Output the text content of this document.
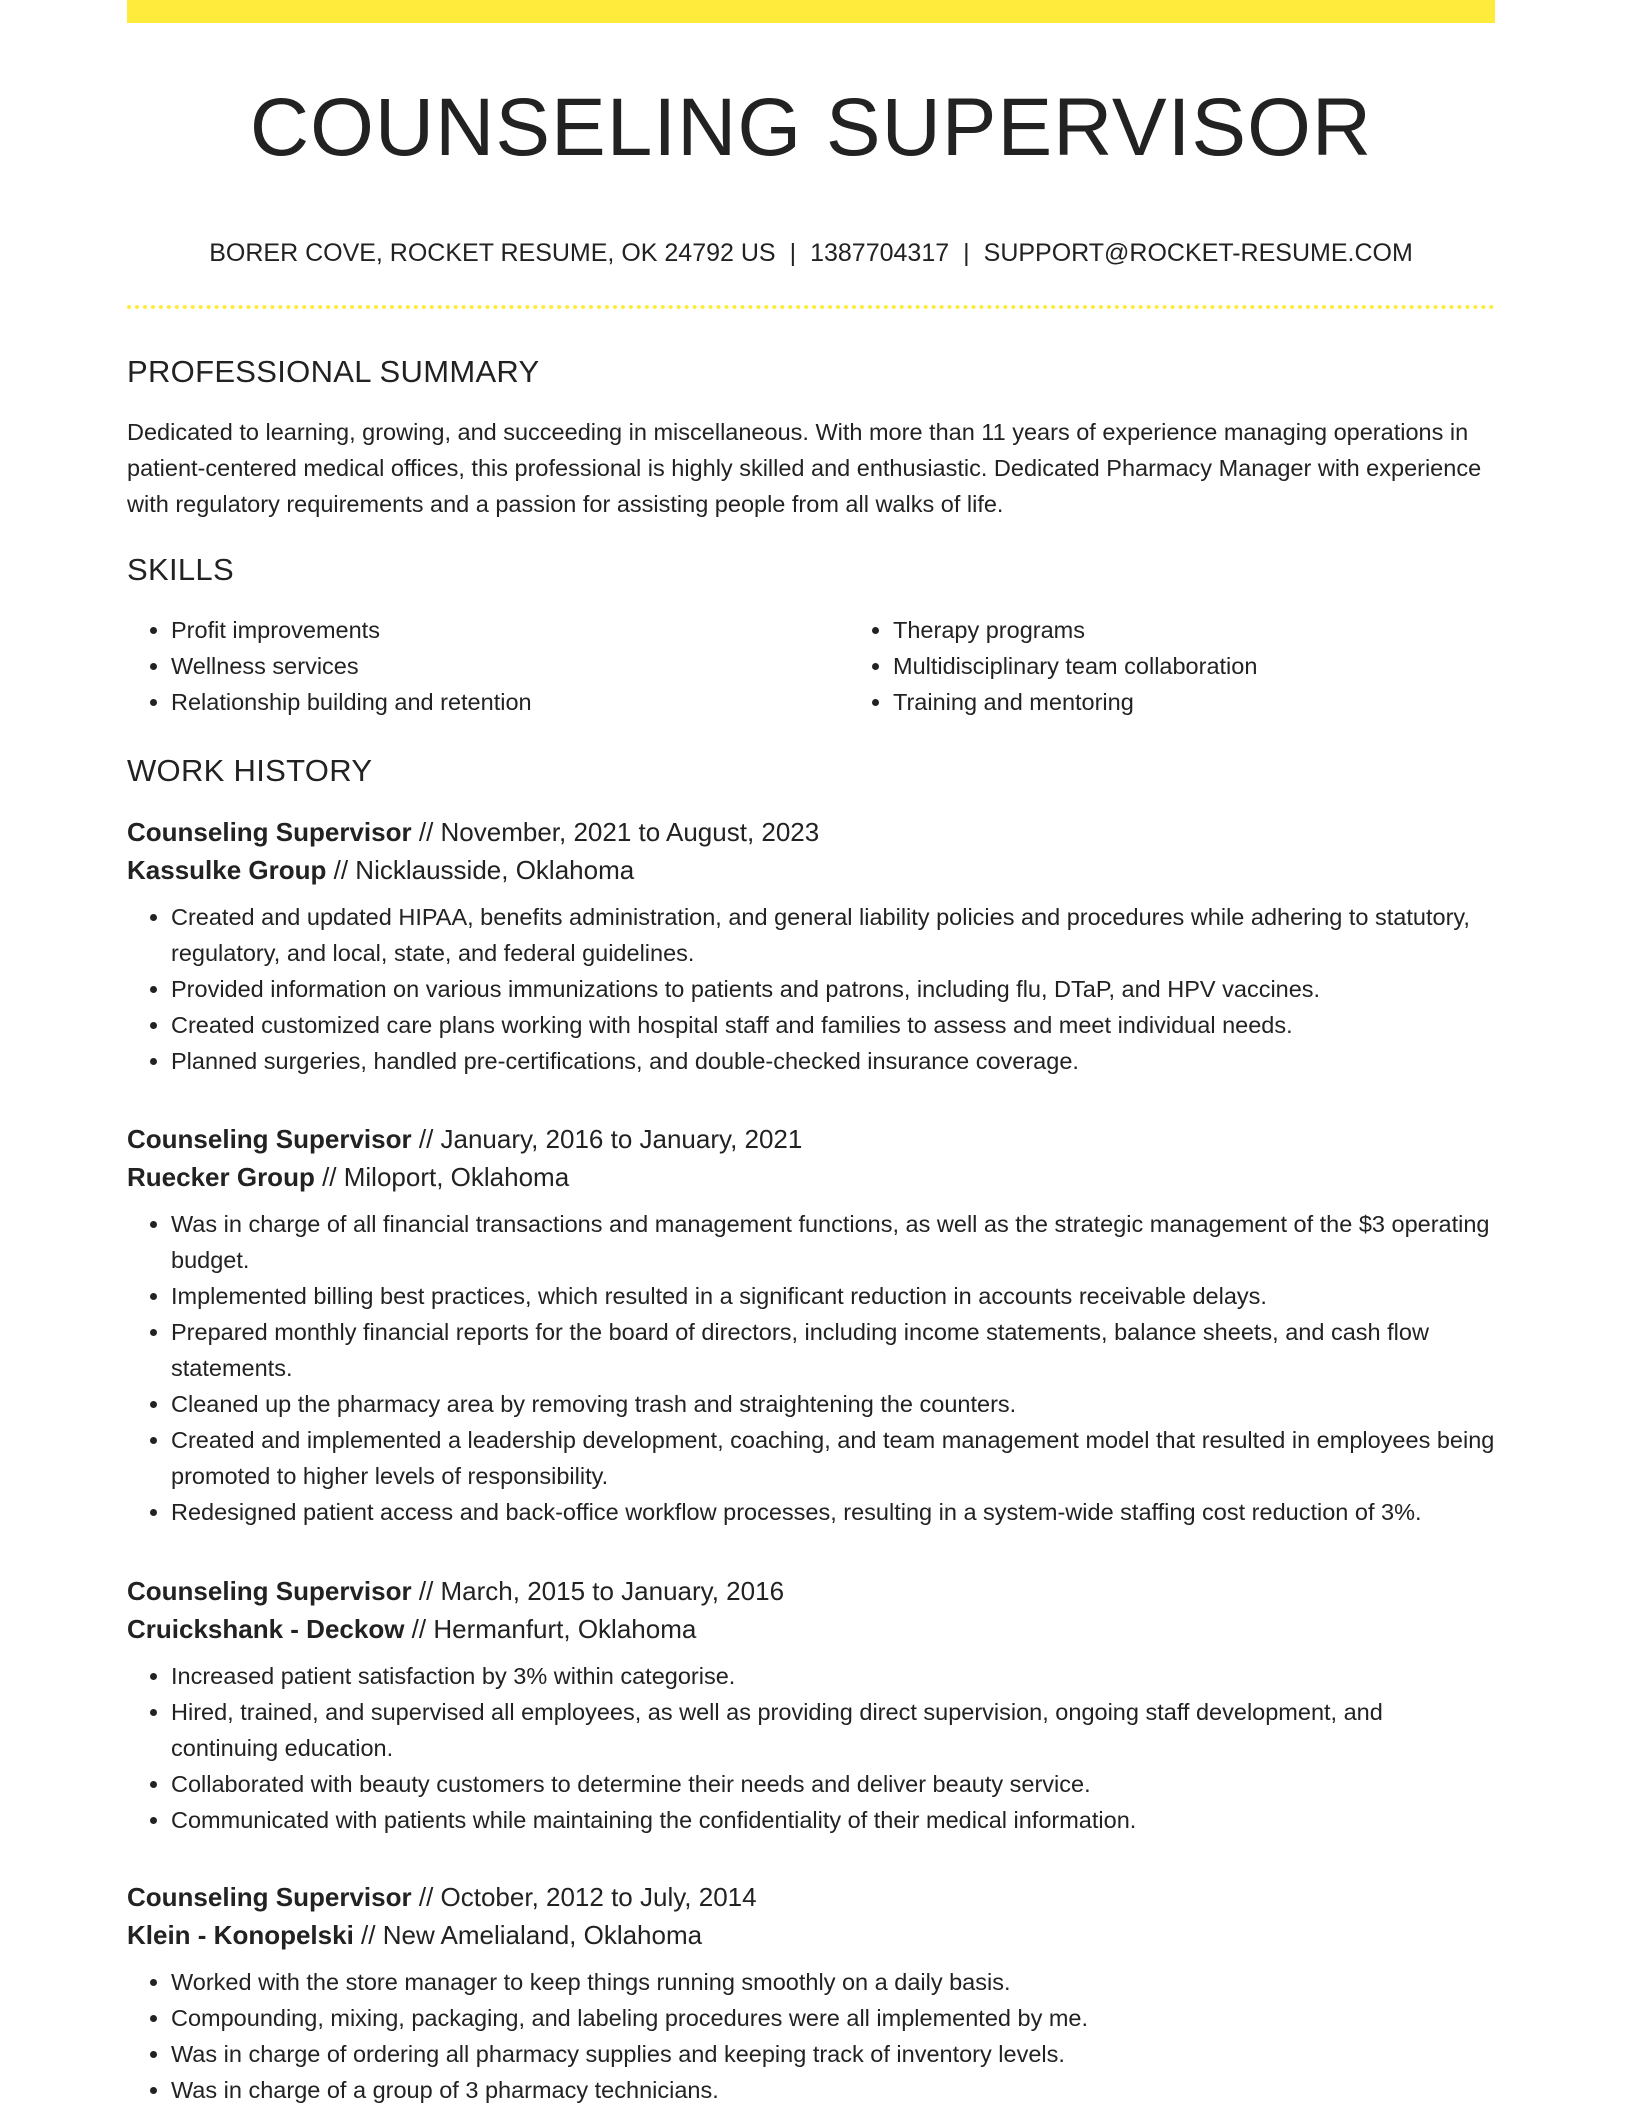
COUNSELING SUPERVISOR
BORER COVE, ROCKET RESUME, OK 24792 US | 1387704317 | SUPPORT@ROCKET-RESUME.COM
PROFESSIONAL SUMMARY

Dedicated to learning, growing, and succeeding in miscellaneous. With more than 11 years of experience managing operations in patient-centered medical offices, this professional is highly skilled and enthusiastic. Dedicated Pharmacy Manager with experience with regulatory requirements and a passion for assisting people from all walks of life.

SKILLS
• Profit improvements
• Wellness services
• Relationship building and retention
• Therapy programs
• Multidisciplinary team collaboration
• Training and mentoring
WORK HISTORY
Counseling Supervisor // November, 2021 to August, 2023
Kassulke Group // Nicklausside, Oklahoma
• Created and updated HIPAA, benefits administration, and general liability policies and procedures while adhering to statutory, regulatory, and local, state, and federal guidelines.
• Provided information on various immunizations to patients and patrons, including flu, DTaP, and HPV vaccines.
• Created customized care plans working with hospital staff and families to assess and meet individual needs.
• Planned surgeries, handled pre-certifications, and double-checked insurance coverage.
Counseling Supervisor // January, 2016 to January, 2021
Ruecker Group // Miloport, Oklahoma
• Was in charge of all financial transactions and management functions, as well as the strategic management of the $3 operating budget.
• Implemented billing best practices, which resulted in a significant reduction in accounts receivable delays.
• Prepared monthly financial reports for the board of directors, including income statements, balance sheets, and cash flow statements.
• Cleaned up the pharmacy area by removing trash and straightening the counters.
• Created and implemented a leadership development, coaching, and team management model that resulted in employees being promoted to higher levels of responsibility.
• Redesigned patient access and back-office workflow processes, resulting in a system-wide staffing cost reduction of 3%.
Counseling Supervisor // March, 2015 to January, 2016
Cruickshank - Deckow // Hermanfurt, Oklahoma
• Increased patient satisfaction by 3% within categorise.
• Hired, trained, and supervised all employees, as well as providing direct supervision, ongoing staff development, and continuing education.
• Collaborated with beauty customers to determine their needs and deliver beauty service.
• Communicated with patients while maintaining the confidentiality of their medical information.
Counseling Supervisor // October, 2012 to July, 2014
Klein - Konopelski // New Amelialand, Oklahoma
• Worked with the store manager to keep things running smoothly on a daily basis.
• Compounding, mixing, packaging, and labeling procedures were all implemented by me.
• Was in charge of ordering all pharmacy supplies and keeping track of inventory levels.
• Was in charge of a group of 3 pharmacy technicians.
